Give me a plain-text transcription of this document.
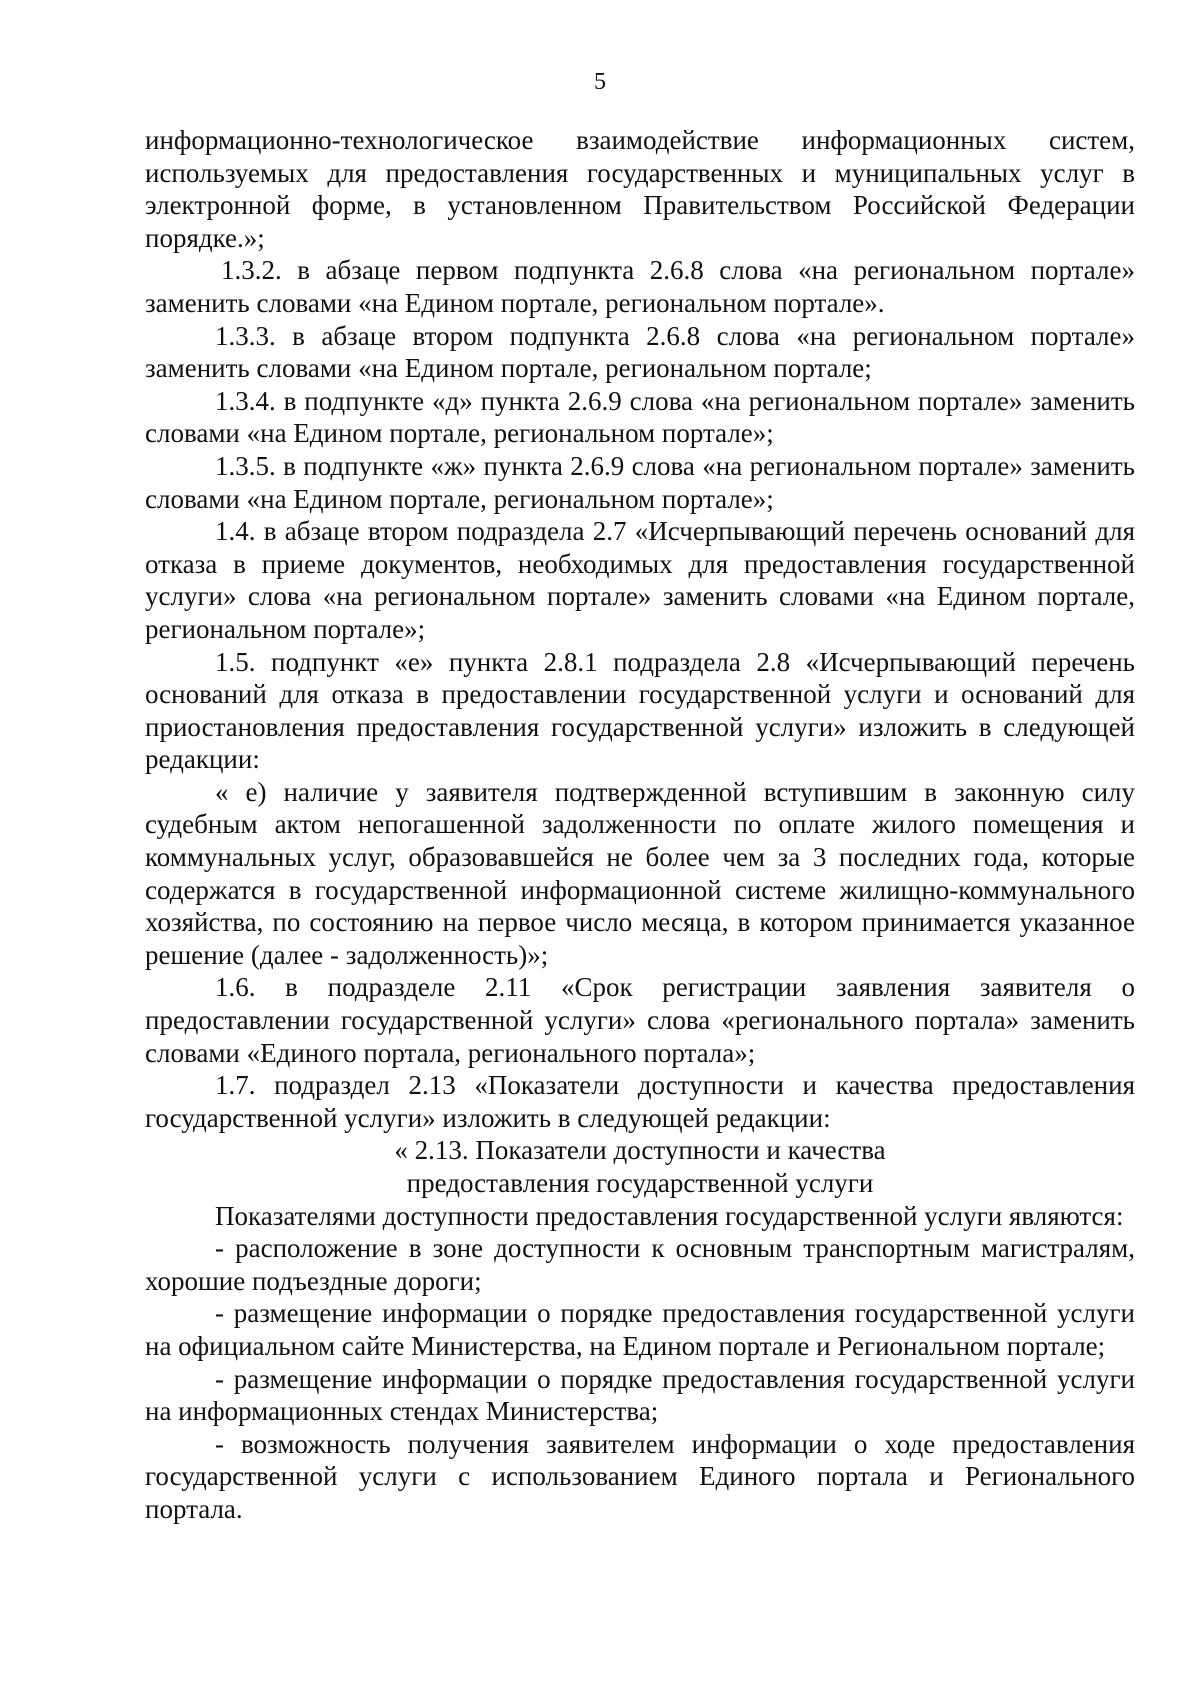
5

информационно-технологическое взаимодействие информационных систем, используемых для предоставления государственных и муниципальных услуг в электронной форме, в установленном Правительством Российской Федерации порядке.»;

1.3.2. в абзаце первом подпункта 2.6.8 слова «на региональном портале» заменить словами «на Едином портале, региональном портале».

1.3.3. в абзаце втором подпункта 2.6.8 слова «на региональном портале» заменить словами «на Едином портале, региональном портале;

1.3.4. в подпункте «д» пункта 2.6.9 слова «на региональном портале» заменить словами «на Едином портале, региональном портале»;

1.3.5. в подпункте «ж» пункта 2.6.9 слова «на региональном портале» заменить словами «на Едином портале, региональном портале»;

1.4. в абзаце втором подраздела 2.7 «Исчерпывающий перечень оснований для отказа в приеме документов, необходимых для предоставления государственной услуги» слова «на региональном портале» заменить словами «на Едином портале, региональном портале»;

1.5. подпункт «е» пункта 2.8.1 подраздела 2.8 «Исчерпывающий перечень оснований для отказа в предоставлении государственной услуги и оснований для приостановления предоставления государственной услуги» изложить в следующей редакции:

« е) наличие у заявителя подтвержденной вступившим в законную силу судебным актом непогашенной задолженности по оплате жилого помещения и коммунальных услуг, образовавшейся не более чем за 3 последних года, которые содержатся в государственной информационной системе жилищно-коммунального хозяйства, по состоянию на первое число месяца, в котором принимается указанное решение (далее - задолженность)»;

1.6. в подразделе 2.11 «Срок регистрации заявления заявителя о предоставлении государственной услуги» слова «регионального портала» заменить словами «Единого портала, регионального портала»;

1.7. подраздел 2.13 «Показатели доступности и качества предоставления государственной услуги» изложить в следующей редакции:

« 2.13. Показатели доступности и качества

предоставления государственной услуги

Показателями доступности предоставления государственной услуги являются:

- расположение в зоне доступности к основным транспортным магистралям, хорошие подъездные дороги;

- размещение информации о порядке предоставления государственной услуги на официальном сайте Министерства, на Едином портале и Региональном портале;

- размещение информации о порядке предоставления государственной услуги на информационных стендах Министерства;

- возможность получения заявителем информации о ходе предоставления государственной услуги с использованием Единого портала и Регионального портала.
